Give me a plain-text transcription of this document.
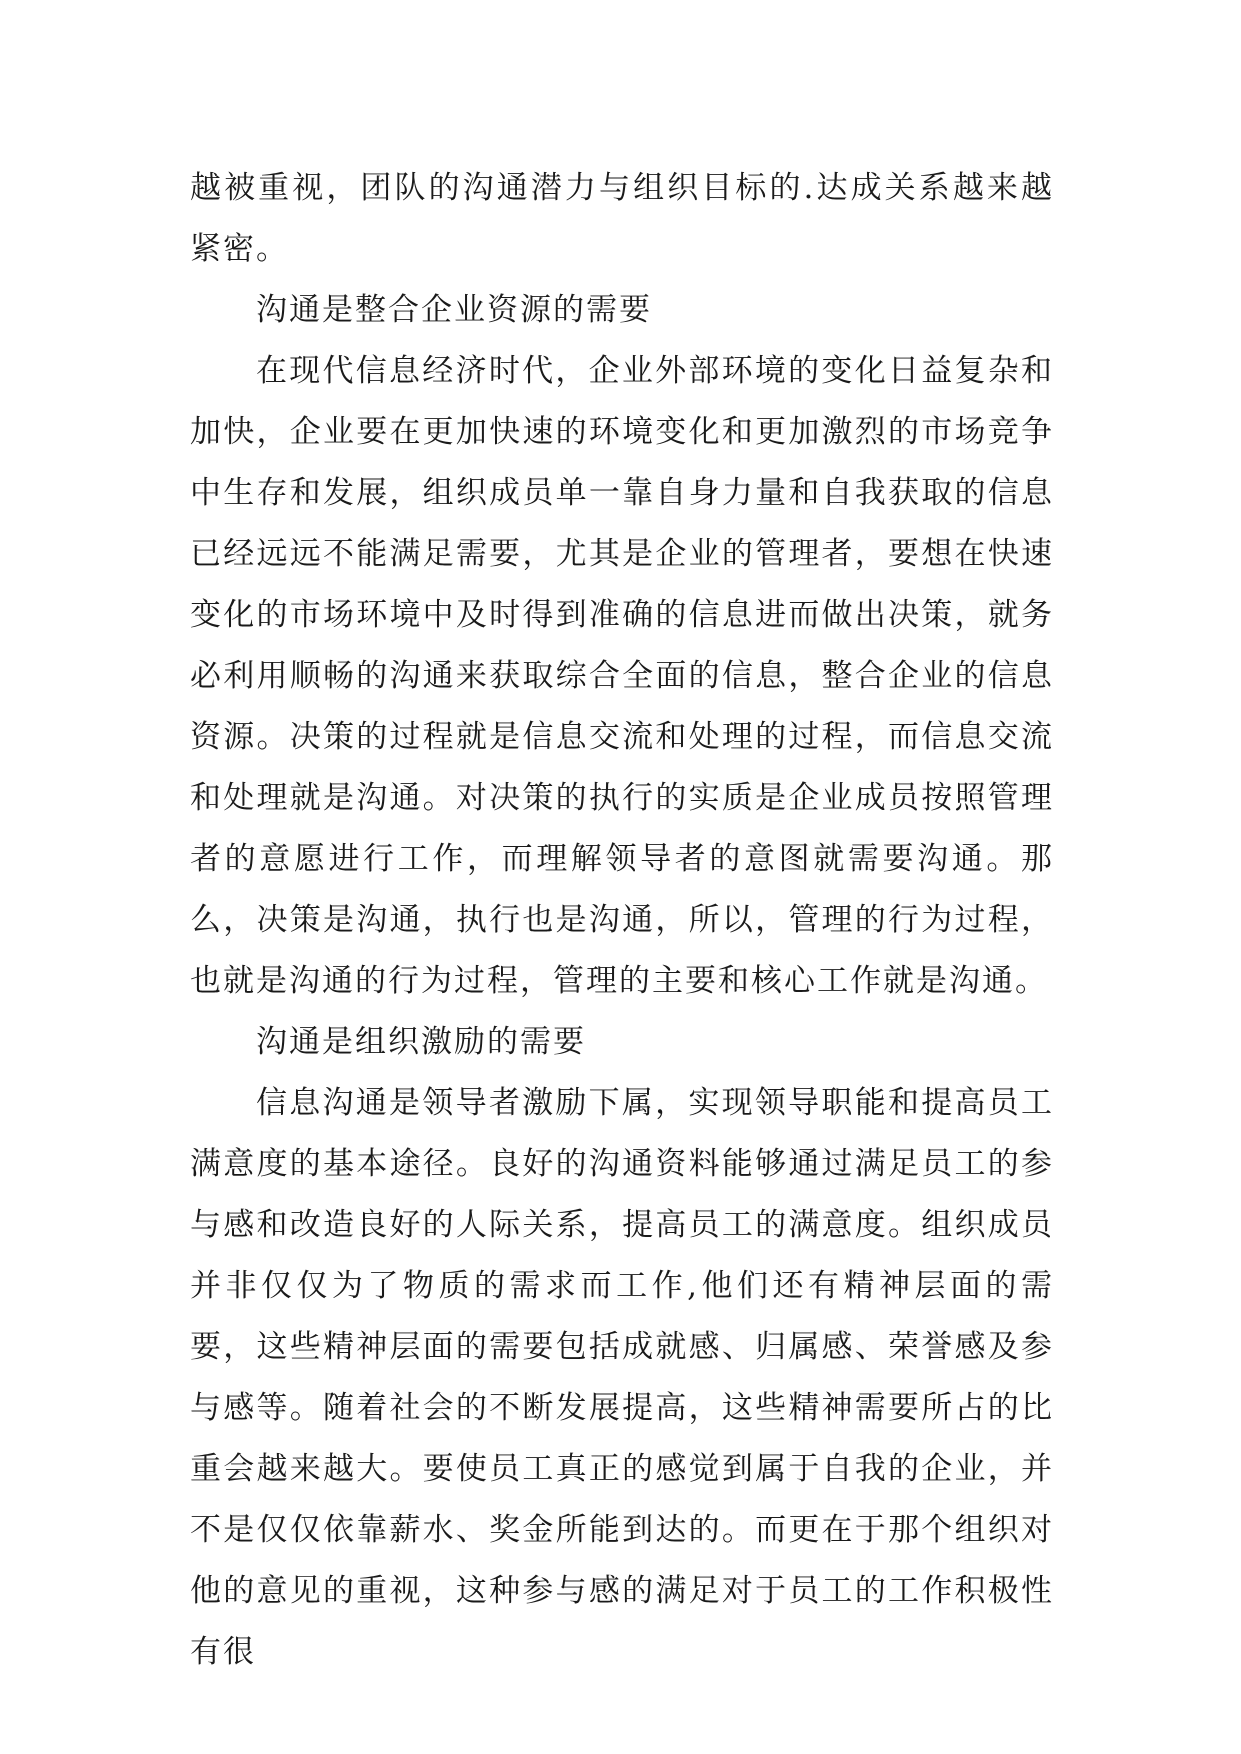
越被重视，团队的沟通潜力与组织目标的.达成关系越来越紧密。

沟通是整合企业资源的需要

在现代信息经济时代，企业外部环境的变化日益复杂和加快，企业要在更加快速的环境变化和更加激烈的市场竞争中生存和发展，组织成员单一靠自身力量和自我获取的信息已经远远不能满足需要，尤其是企业的管理者，要想在快速变化的市场环境中及时得到准确的信息进而做出决策，就务必利用顺畅的沟通来获取综合全面的信息，整合企业的信息资源。决策的过程就是信息交流和处理的过程，而信息交流和处理就是沟通。对决策的执行的实质是企业成员按照管理者的意愿进行工作，而理解领导者的意图就需要沟通。那么，决策是沟通，执行也是沟通，所以，管理的行为过程，也就是沟通的行为过程，管理的主要和核心工作就是沟通。

沟通是组织激励的需要

信息沟通是领导者激励下属，实现领导职能和提高员工满意度的基本途径。良好的沟通资料能够通过满足员工的参与感和改造良好的人际关系，提高员工的满意度。组织成员并非仅仅为了物质的需求而工作,他们还有精神层面的需要，这些精神层面的需要包括成就感、归属感、荣誉感及参与感等。随着社会的不断发展提高，这些精神需要所占的比重会越来越大。要使员工真正的感觉到属于自我的企业，并不是仅仅依靠薪水、奖金所能到达的。而更在于那个组织对他的意见的重视，这种参与感的满足对于员工的工作积极性有很
